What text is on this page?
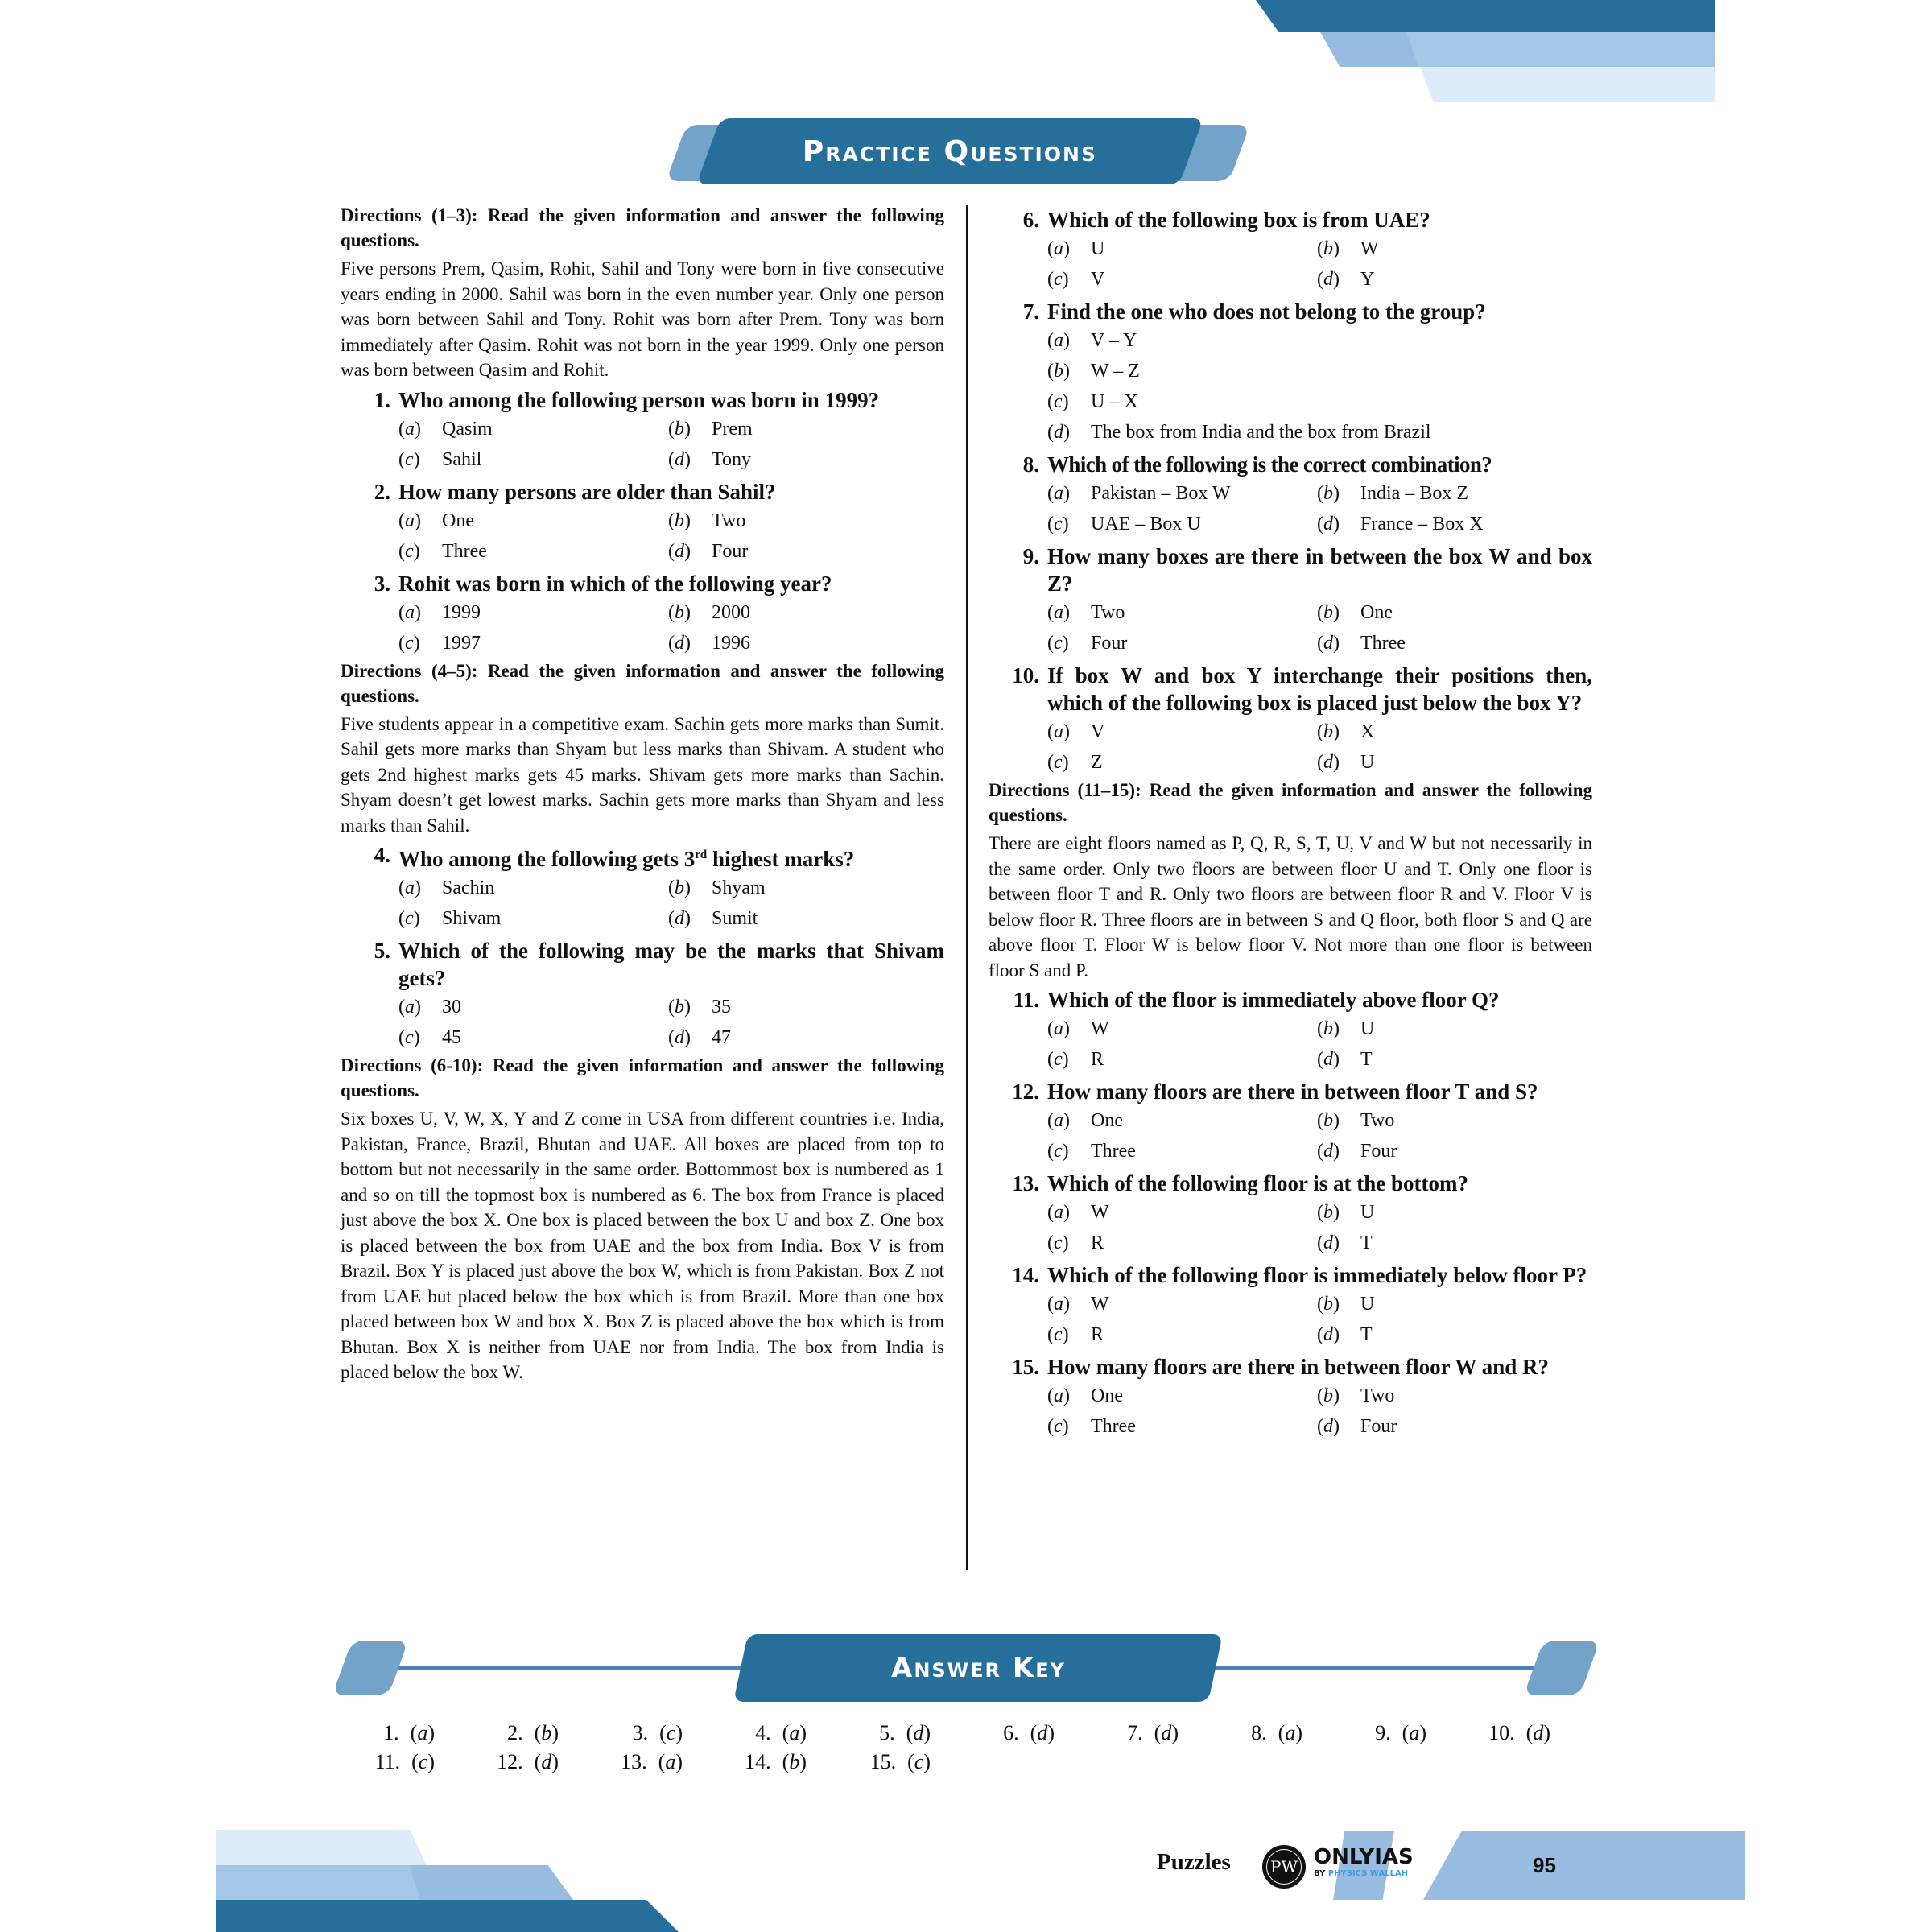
Practice Questions

Directions (1–3): Read the given information and answer the following questions.

Five persons Prem, Qasim, Rohit, Sahil and Tony were born in five consecutive years ending in 2000. Sahil was born in the even number year. Only one person was born between Sahil and Tony. Rohit was born after Prem. Tony was born immediately after Qasim. Rohit was not born in the year 1999. Only one person was born between Qasim and Rohit.

1. Who among the following person was born in 1999?
(a)	Qasim	(b)	Prem
(c)	Sahil	(d)	Tony
2. How many persons are older than Sahil?
(a)	One	(b)	Two
(c)	Three	(d)	Four
3. Rohit was born in which of the following year?
(a)	1999	(b)	2000
(c)	1997	(d)	1996

Directions (4–5): Read the given information and answer the following questions.

Five students appear in a competitive exam. Sachin gets more marks than Sumit. Sahil gets more marks than Shyam but less marks than Shivam. A student who gets 2nd highest marks gets 45 marks. Shivam gets more marks than Sachin. Shyam doesn’t get lowest marks. Sachin gets more marks than Shyam and less marks than Sahil.

4. Who among the following gets 3rd highest marks?
(a)	Sachin	(b)	Shyam
(c)	Shivam	(d)	Sumit
5. Which of the following may be the marks that Shivam gets?
(a)	30	(b)	35
(c)	45	(d)	47

Directions (6-10): Read the given information and answer the following questions.

Six boxes U, V, W, X, Y and Z come in USA from different countries i.e. India, Pakistan, France, Brazil, Bhutan and UAE. All boxes are placed from top to bottom but not necessarily in the same order. Bottommost box is numbered as 1 and so on till the topmost box is numbered as 6. The box from France is placed just above the box X. One box is placed between the box U and box Z. One box is placed between the box from UAE and the box from India. Box V is from Brazil. Box Y is placed just above the box W, which is from Pakistan. Box Z not from UAE but placed below the box which is from Brazil. More than one box placed between box W and box X. Box Z is placed above the box which is from Bhutan. Box X is neither from UAE nor from India. The box from India is placed below the box W.

6. Which of the following box is from UAE?
(a)	U	(b)	W
(c)	V	(d)	Y
7. Find the one who does not belong to the group?
(a)	V – Y
(b)	W – Z
(c)	U – X
(d)	The box from India and the box from Brazil
8. Which of the following is the correct combination?
(a)	Pakistan – Box W	(b)	India – Box Z
(c)	UAE – Box U	(d)	France – Box X
9. How many boxes are there in between the box W and box Z?
(a)	Two	(b)	One
(c)	Four	(d)	Three
10. If box W and box Y interchange their positions then, which of the following box is placed just below the box Y?
(a)	V	(b)	X
(c)	Z	(d)	U

Directions (11–15): Read the given information and answer the following questions.

There are eight floors named as P, Q, R, S, T, U, V and W but not necessarily in the same order. Only two floors are between floor U and T. Only one floor is between floor T and R. Only two floors are between floor R and V. Floor V is below floor R. Three floors are in between S and Q floor, both floor S and Q are above floor T. Floor W is below floor V. Not more than one floor is between floor S and P.

11. Which of the floor is immediately above floor Q?
(a)	W	(b)	U
(c)	R	(d)	T
12. How many floors are there in between floor T and S?
(a)	One	(b)	Two
(c)	Three	(d)	Four
13. Which of the following floor is at the bottom?
(a)	W	(b)	U
(c)	R	(d)	T
14. Which of the following floor is immediately below floor P?
(a)	W	(b)	U
(c)	R	(d)	T
15. How many floors are there in between floor W and R?
(a)	One	(b)	Two
(c)	Three	(d)	Four
Answer Key
1. (a)	2. (b)	3. (c)	4. (a)	5. (d)	6. (d)	7. (d)	8. (a)	9. (a)	10. (d)
11. (c)	12. (d)	13. (a)	14. (b)	15. (c)
Puzzles PW ONLYIAS
BY PHYSICS WALLAH	95
